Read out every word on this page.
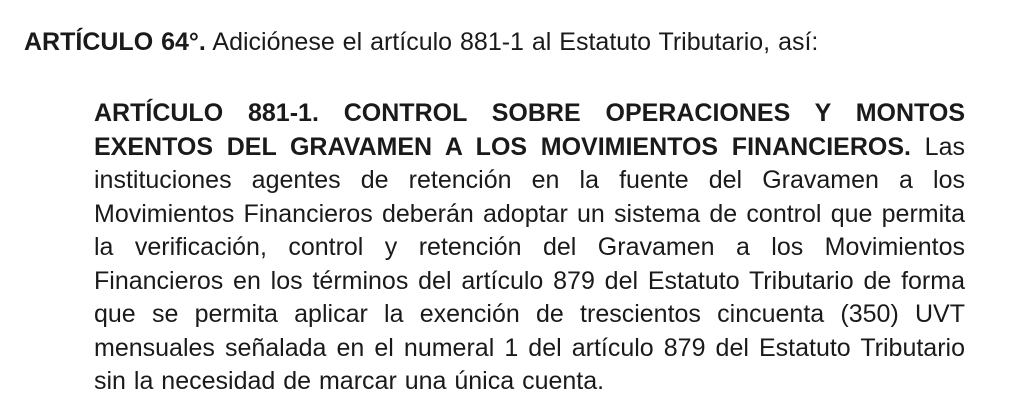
ARTÍCULO 64°. Adiciónese el artículo 881-1 al Estatuto Tributario, así:

ARTÍCULO 881-1. CONTROL SOBRE OPERACIONES Y MONTOS EXENTOS DEL GRAVAMEN A LOS MOVIMIENTOS FINANCIEROS. Las instituciones agentes de retención en la fuente del Gravamen a los Movimientos Financieros deberán adoptar un sistema de control que permita la verificación, control y retención del Gravamen a los Movimientos Financieros en los términos del artículo 879 del Estatuto Tributario de forma que se permita aplicar la exención de trescientos cincuenta (350) UVT mensuales señalada en el numeral 1 del artículo 879 del Estatuto Tributario sin la necesidad de marcar una única cuenta.
